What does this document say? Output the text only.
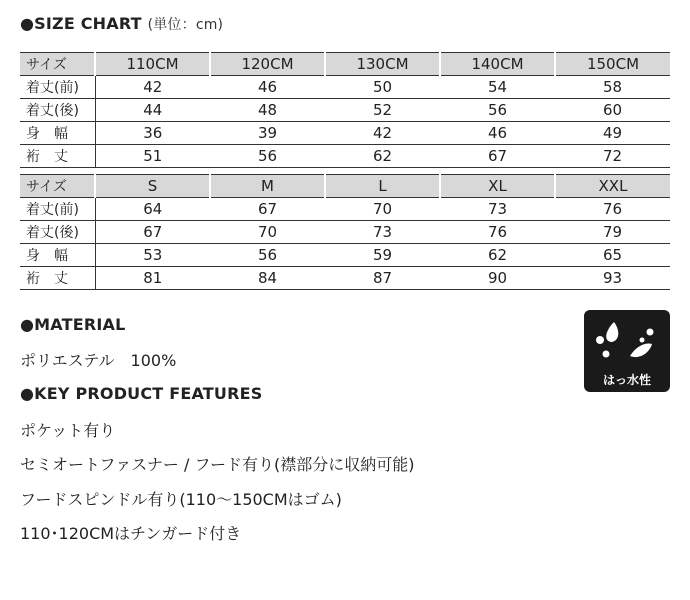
●SIZE CHART (単位：cm)
サイズ	110CM	120CM	130CM	140CM	150CM
着丈(前)	42	46	50	54	58
着丈(後)	44	48	52	56	60
身　幅	36	39	42	46	49
裄　丈	51	56	62	67	72
サイズ	S	M	L	XL	XXL
着丈(前)	64	67	70	73	76
着丈(後)	67	70	73	76	79
身　幅	53	56	59	62	65
裄　丈	81	84	87	90	93
●MATERIAL
ポリエステル　100%
●KEY PRODUCT FEATURES
ポケット有り
セミオートファスナー / フード有り(襟部分に収納可能)
フードスピンドル有り(110〜150CMはゴム)
110･120CMはチンガード付き
はっ水性
